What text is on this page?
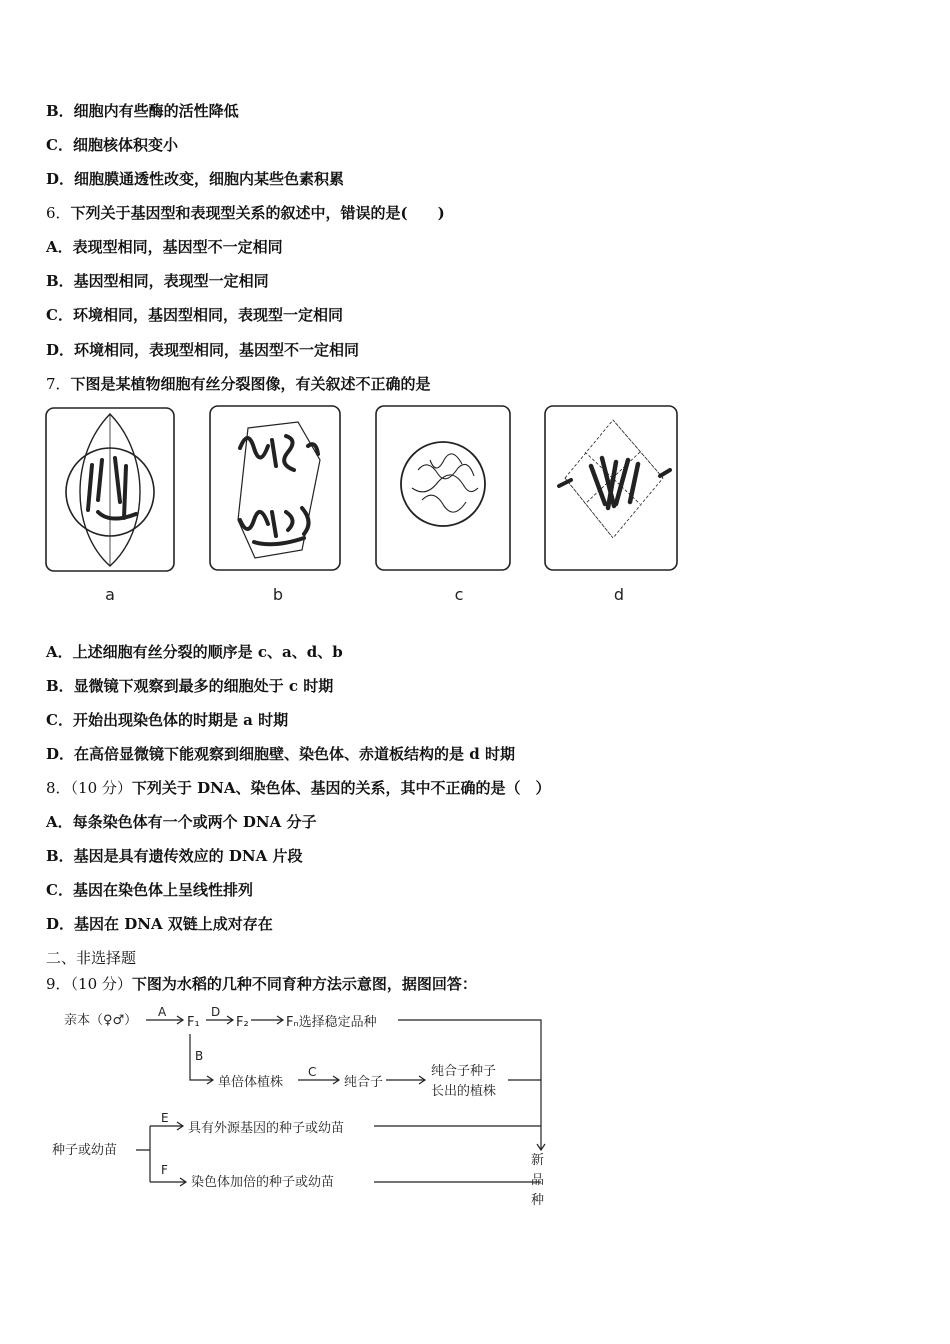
B．细胞内有些酶的活性降低
C．细胞核体积变小
D．细胞膜通透性改变，细胞内某些色素积累
6．下列关于基因型和表现型关系的叙述中，错误的是(　　)
A．表现型相同，基因型不一定相同
B．基因型相同，表现型一定相同
C．环境相同，基因型相同，表现型一定相同
D．环境相同，表现型相同，基因型不一定相同
7．下图是某植物细胞有丝分裂图像，有关叙述不正确的是
a	b	c	d
A．上述细胞有丝分裂的顺序是 c、a、d、b
B．显微镜下观察到最多的细胞处于 c 时期
C．开始出现染色体的时期是 a 时期
D．在高倍显微镜下能观察到细胞壁、染色体、赤道板结构的是 d 时期
8．（10 分）下列关于 DNA、染色体、基因的关系，其中不正确的是（　）
A．每条染色体有一个或两个 DNA 分子
B．基因是具有遗传效应的 DNA 片段
C．基因在染色体上呈线性排列
D．基因在 DNA 双链上成对存在
二、非选择题
9．（10 分）下图为水稻的几种不同育种方法示意图，据图回答：
亲本（♀♂）
A
F₁
D
F₂	Fₙ选择稳定品种
B
单倍体植株
C
纯合子
纯合子种子
长出的植株
种子或幼苗
E
具有外源基因的种子或幼苗
F
染色体加倍的种子或幼苗
新
品
种
